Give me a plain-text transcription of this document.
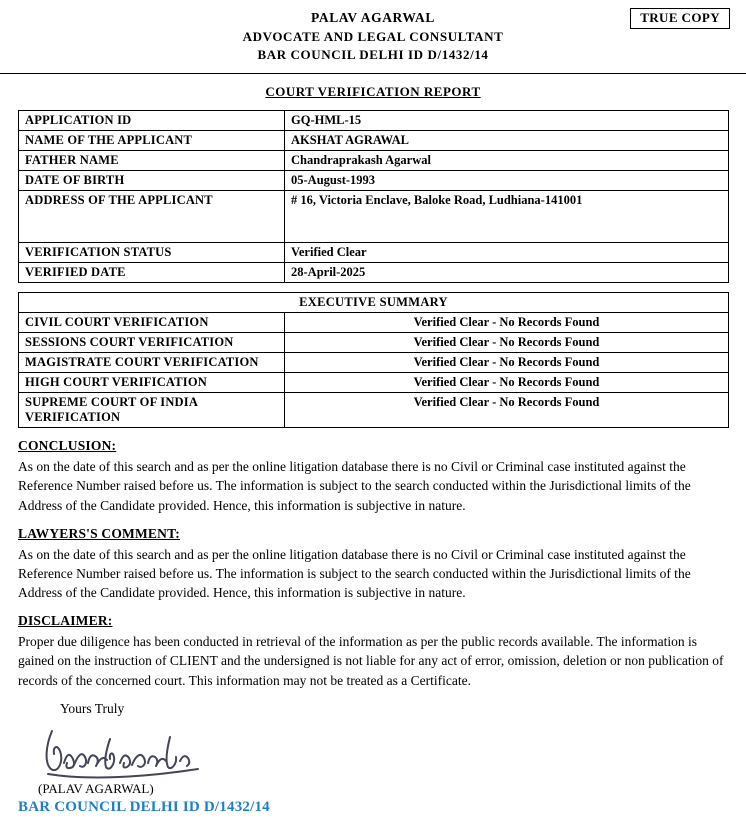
TRUE COPY
PALAV AGARWAL
ADVOCATE AND LEGAL CONSULTANT
BAR COUNCIL DELHI ID D/1432/14
COURT VERIFICATION REPORT
APPLICATION ID	GQ-HML-15
NAME OF THE APPLICANT	AKSHAT AGRAWAL
FATHER NAME	Chandraprakash Agarwal
DATE OF BIRTH	05-August-1993
ADDRESS OF THE APPLICANT	# 16, Victoria Enclave, Baloke Road, Ludhiana-141001
VERIFICATION STATUS	Verified Clear
VERIFIED DATE	28-April-2025
EXECUTIVE SUMMARY	
CIVIL COURT VERIFICATION	Verified Clear - No Records Found
SESSIONS COURT VERIFICATION	Verified Clear - No Records Found
MAGISTRATE COURT VERIFICATION	Verified Clear - No Records Found
HIGH COURT VERIFICATION	Verified Clear - No Records Found
SUPREME COURT OF INDIA VERIFICATION	Verified Clear - No Records Found
CONCLUSION:

As on the date of this search and as per the online litigation database there is no Civil or Criminal case instituted against the Reference Number raised before us. The information is subject to the search conducted within the Jurisdictional limits of the Address of the Candidate provided. Hence, this information is subjective in nature.

LAWYERS'S COMMENT:

As on the date of this search and as per the online litigation database there is no Civil or Criminal case instituted against the Reference Number raised before us. The information is subject to the search conducted within the Jurisdictional limits of the Address of the Candidate provided. Hence, this information is subjective in nature.

DISCLAIMER:

Proper due diligence has been conducted in retrieval of the information as per the public records available. The information is gained on the instruction of CLIENT and the undersigned is not liable for any act of error, omission, deletion or non publication of records of the concerned court. This information may not be treated as a Certificate.

Yours Truly
(PALAV AGARWAL)
BAR COUNCIL DELHI ID D/1432/14
